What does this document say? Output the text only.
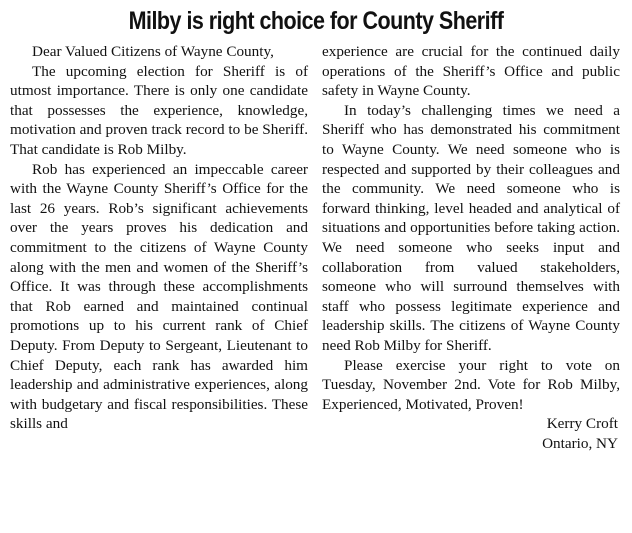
Milby is right choice for County Sheriff

Dear Valued Citizens of Wayne County,

The upcoming election for Sheriff is of utmost importance. There is only one candidate that possesses the experience, knowledge, motivation and proven track record to be Sheriff. That candidate is Rob Milby.

Rob has experienced an impeccable career with the Wayne County Sheriff’s Office for the last 26 years. Rob’s significant achievements over the years proves his dedication and commitment to the citizens of Wayne County along with the men and women of the Sheriff’s Office. It was through these accomplishments that Rob earned and maintained continual promotions up to his current rank of Chief Deputy. From Deputy to Sergeant, Lieutenant to Chief Deputy, each rank has awarded him leadership and administrative experiences, along with budgetary and fiscal responsibilities. These skills and

experience are crucial for the continued daily operations of the Sheriff’s Office and public safety in Wayne County.

In today’s challenging times we need a Sheriff who has demonstrated his commitment to Wayne County. We need someone who is respected and supported by their colleagues and the community. We need someone who is forward thinking, level headed and analytical of situations and opportunities before taking action. We need someone who seeks input and collaboration from valued stakeholders, someone who will surround themselves with staff who possess legitimate experience and leadership skills. The citizens of Wayne County need Rob Milby for Sheriff.

Please exercise your right to vote on Tuesday, November 2nd. Vote for Rob Milby, Experienced, Motivated, Proven!

Kerry Croft

Ontario, NY
